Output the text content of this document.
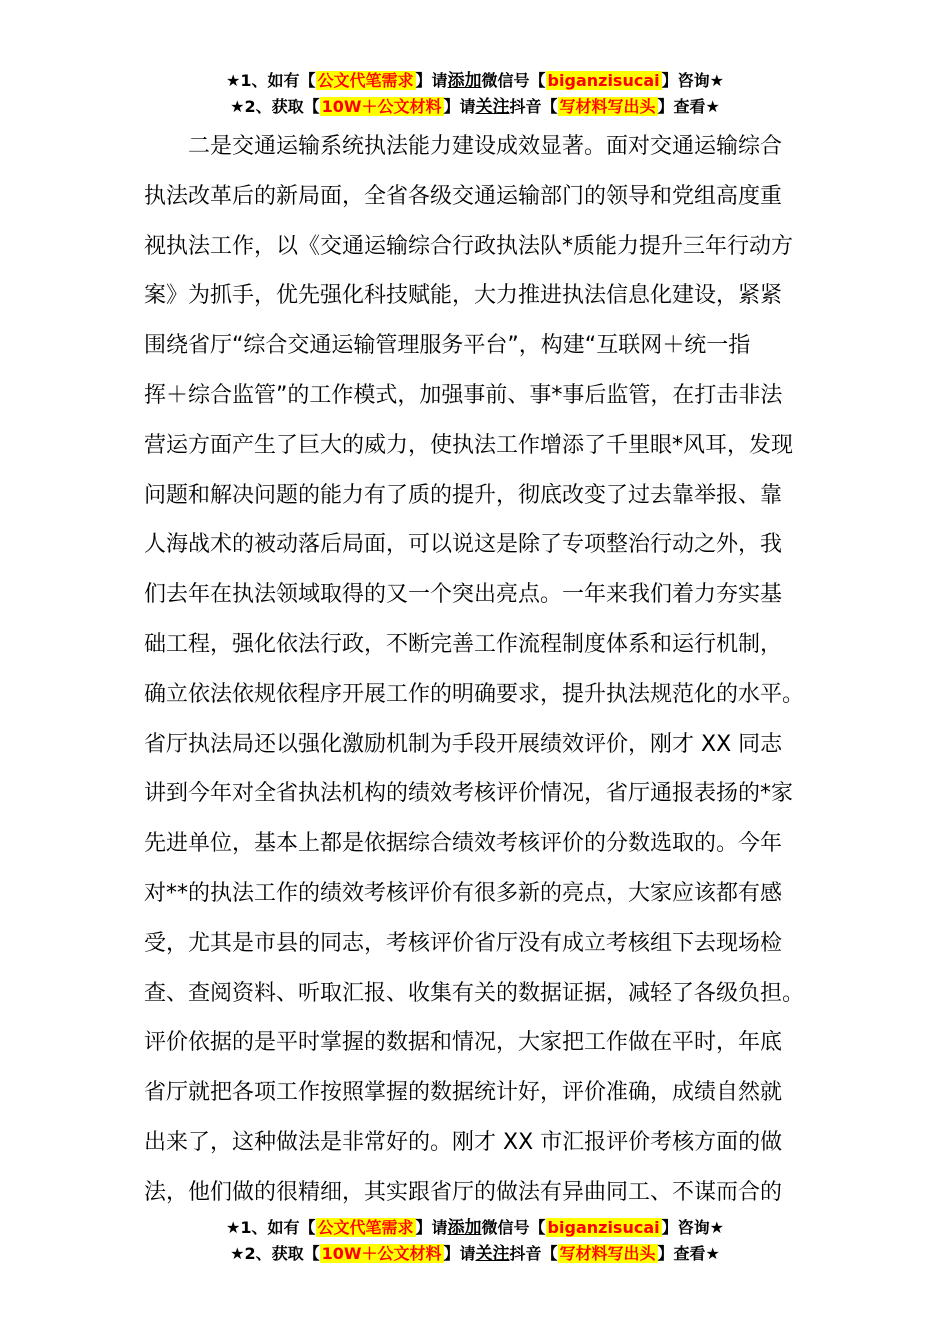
★1、如有【 公文代笔需求 】请添加微信号【 biganzisucai 】咨询★
★2、获取【 10W＋公文材料 】请关注抖音【 写材料写出头 】查看★
　　二是交通运输系统执法能力建设成效显著。面对交通运输综合
执法改革后的新局面，全省各级交通运输部门的领导和党组高度重
视执法工作，以《交通运输综合行政执法队*质能力提升三年行动方
案》为抓手，优先强化科技赋能，大力推进执法信息化建设，紧紧
围绕省厅“综合交通运输管理服务平台”，构建“互联网＋统一指
挥＋综合监管”的工作模式，加强事前、事*事后监管，在打击非法
营运方面产生了巨大的威力，使执法工作增添了千里眼*风耳，发现
问题和解决问题的能力有了质的提升，彻底改变了过去靠举报、靠
人海战术的被动落后局面，可以说这是除了专项整治行动之外，我
们去年在执法领域取得的又一个突出亮点。一年来我们着力夯实基
础工程，强化依法行政，不断完善工作流程制度体系和运行机制，
确立依法依规依程序开展工作的明确要求，提升执法规范化的水平。
省厅执法局还以强化激励机制为手段开展绩效评价，刚才 XX 同志
讲到今年对全省执法机构的绩效考核评价情况，省厅通报表扬的*家
先进单位，基本上都是依据综合绩效考核评价的分数选取的。今年
对**的执法工作的绩效考核评价有很多新的亮点，大家应该都有感
受，尤其是市县的同志，考核评价省厅没有成立考核组下去现场检
查、查阅资料、听取汇报、收集有关的数据证据，减轻了各级负担。
评价依据的是平时掌握的数据和情况，大家把工作做在平时，年底
省厅就把各项工作按照掌握的数据统计好，评价准确，成绩自然就
出来了，这种做法是非常好的。刚才 XX 市汇报评价考核方面的做
法，他们做的很精细，其实跟省厅的做法有异曲同工、不谋而合的
★1、如有【 公文代笔需求 】请添加微信号【 biganzisucai 】咨询★
★2、获取【 10W＋公文材料 】请关注抖音【 写材料写出头 】查看★
